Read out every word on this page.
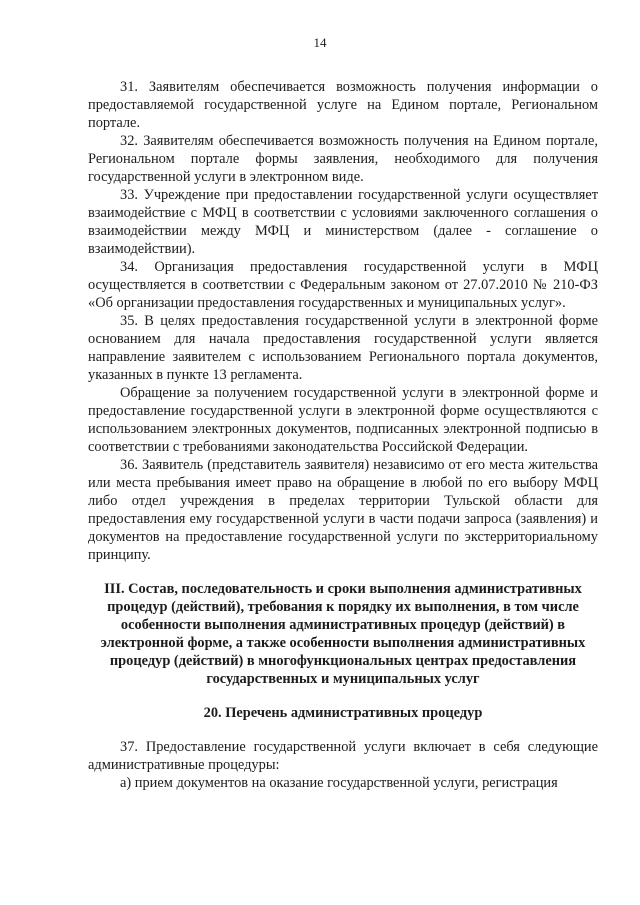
14

31. Заявителям обеспечивается возможность получения информации о предоставляемой государственной услуге на Едином портале, Региональном портале.

32. Заявителям обеспечивается возможность получения на Едином портале, Региональном портале формы заявления, необходимого для получения государственной услуги в электронном виде.

33. Учреждение при предоставлении государственной услуги осуществляет взаимодействие с МФЦ в соответствии с условиями заключенного соглашения о взаимодействии между МФЦ и министерством (далее - соглашение о взаимодействии).

34. Организация предоставления государственной услуги в МФЦ осуществляется в соответствии с Федеральным законом от 27.07.2010 № 210-ФЗ «Об организации предоставления государственных и муниципальных услуг».

35. В целях предоставления государственной услуги в электронной форме основанием для начала предоставления государственной услуги является направление заявителем с использованием Регионального портала документов, указанных в пункте 13 регламента.

Обращение за получением государственной услуги в электронной форме и предоставление государственной услуги в электронной форме осуществляются с использованием электронных документов, подписанных электронной подписью в соответствии с требованиями законодательства Российской Федерации.

36. Заявитель (представитель заявителя) независимо от его места жительства или места пребывания имеет право на обращение в любой по его выбору МФЦ либо отдел учреждения в пределах территории Тульской области для предоставления ему государственной услуги в части подачи запроса (заявления) и документов на предоставление государственной услуги по экстерриториальному принципу.

III. Состав, последовательность и сроки выполнения административных процедур (действий), требования к порядку их выполнения, в том числе особенности выполнения административных процедур (действий) в электронной форме, а также особенности выполнения административных процедур (действий) в многофункциональных центрах предоставления государственных и муниципальных услуг
20. Перечень административных процедур

37. Предоставление государственной услуги включает в себя следующие административные процедуры:

а) прием документов на оказание государственной услуги, регистрация
